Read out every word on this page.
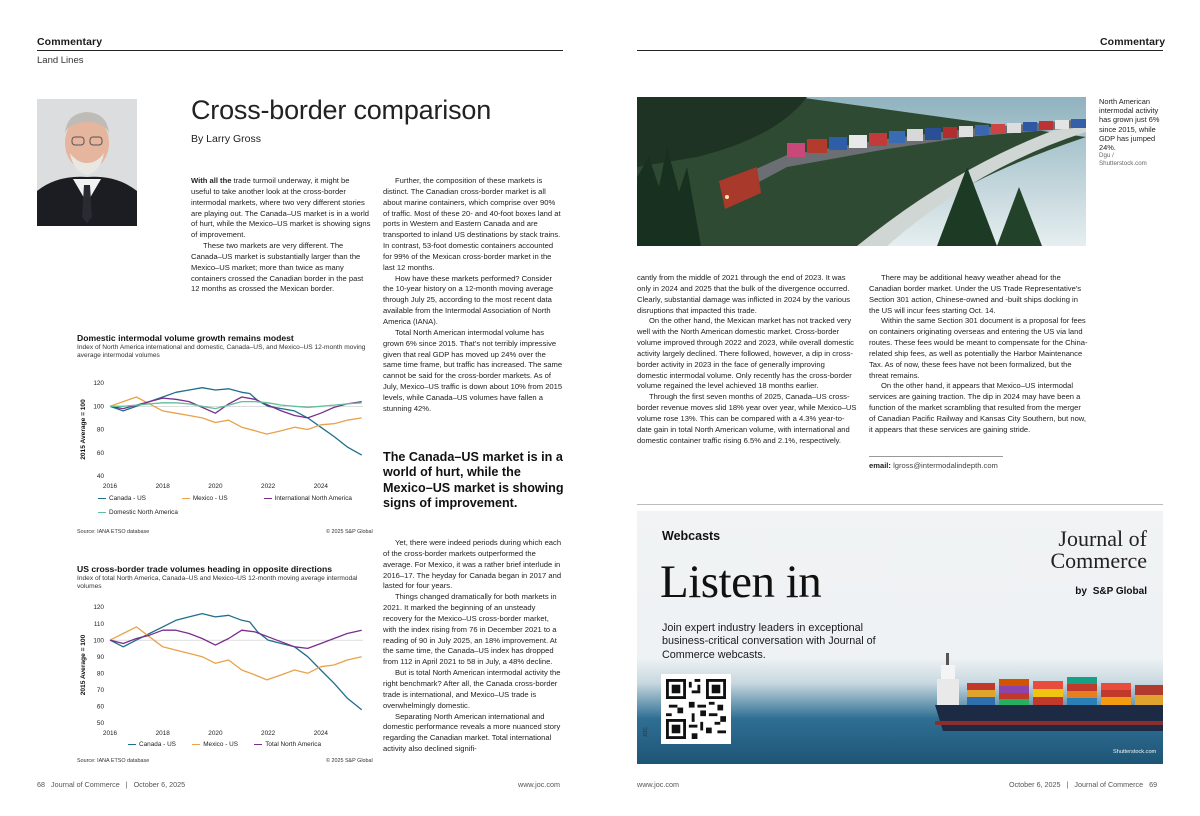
Commentary
Land Lines
Cross-border comparison
By Larry Gross

With all the trade turmoil underway, it might be useful to take another look at the cross-border intermodal markets, where two very different stories are playing out. The Canada–US market is in a world of hurt, while the Mexico–US market is showing signs of improvement.

These two markets are very different. The Canada–US market is substantially larger than the Mexico–US market; more than twice as many containers crossed the Canadian border in the past 12 months as crossed the Mexican border.

Further, the composition of these markets is distinct. The Canadian cross-border market is all about marine containers, which comprise over 90% of traffic. Most of these 20- and 40-foot boxes land at ports in Western and Eastern Canada and are transported to inland US destinations by stack trains. In contrast, 53-foot domestic containers accounted for 99% of the Mexican cross-border market in the last 12 months.

How have these markets performed? Consider the 10-year history on a 12-month moving average through July 25, according to the most recent data available from the Intermodal Association of North America (IANA).

Total North American intermodal volume has grown 6% since 2015. That's not terribly impressive given that real GDP has moved up 24% over the same time frame, but traffic has increased. The same cannot be said for the cross-border markets. As of July, Mexico–US traffic is down about 10% from 2015 levels, while Canada–US volumes have fallen a stunning 42%.

The Canada–US market is in a world of hurt, while the Mexico–US market is showing signs of improvement.

Yet, there were indeed periods during which each of the cross-border markets outperformed the average. For Mexico, it was a rather brief interlude in 2016–17. The heyday for Canada began in 2017 and lasted for four years.

Things changed dramatically for both markets in 2021. It marked the beginning of an unsteady recovery for the Mexico–US cross-border market, with the index rising from 76 in December 2021 to a reading of 90 in July 2025, an 18% improvement. At the same time, the Canada–US index has dropped from 112 in April 2021 to 58 in July, a 48% decline.

But is total North American intermodal activity the right benchmark? After all, the Canada cross-border trade is international, and Mexico–US trade is overwhelmingly domestic.

Separating North American international and domestic performance reveals a more nuanced story regarding the Canadian market. Total international activity also declined signifi-

Domestic intermodal volume growth remains modest
Index of North America international and domestic, Canada–US, and Mexico–US 12-month moving average intermodal volumes
2015 Average = 100
40
60
80
100
120
2016	2018	2020	2022	2024
Canada - US	Mexico - US	International North America
Domestic North America
Source: IANA ETSO database	© 2025 S&P Global
US cross-border trade volumes heading in opposite directions
Index of total North America, Canada–US and Mexico–US 12-month moving average intermodal volumes
2015 Average = 100
50
60
70
80
90
100
110
120
2016	2018	2020	2022	2024
Canada - US	Mexico - US	Total North America
Source: IANA ETSO database	© 2025 S&P Global
68 Journal of Commerce | October 6, 2025	www.joc.com
Commentary
North American intermodal activity has grown just 6% since 2015, while GDP has jumped 24%.
Dgu / Shutterstock.com

cantly from the middle of 2021 through the end of 2023. It was only in 2024 and 2025 that the bulk of the divergence occurred. Clearly, substantial damage was inflicted in 2024 by the various disruptions that impacted this trade.

On the other hand, the Mexican market has not tracked very well with the North American domestic market. Cross-border volume improved through 2022 and 2023, while overall domestic activity largely declined. There followed, however, a dip in cross-border activity in 2023 in the face of generally improving domestic intermodal volume. Only recently has the cross-border volume regained the level achieved 18 months earlier.

Through the first seven months of 2025, Canada–US cross-border revenue moves slid 18% year over year, while Mexico–US volume rose 13%. This can be compared with a 4.3% year-to-date gain in total North American volume, with international and domestic container traffic rising 6.5% and 2.1%, respectively.

There may be additional heavy weather ahead for the Canadian border market. Under the US Trade Representative's Section 301 action, Chinese-owned and -built ships docking in the US will incur fees starting Oct. 14.

Within the same Section 301 document is a proposal for fees on containers originating overseas and entering the US via land routes. These fees would be meant to compensate for the China-related ship fees, as well as potentially the Harbor Maintenance Tax. As of now, these fees have not been formalized, but the threat remains.

On the other hand, it appears that Mexico–US intermodal services are gaining traction. The dip in 2024 may have been a function of the market scrambling that resulted from the merger of Canadian Pacific Railway and Kansas City Southern, but now, it appears that these services are gaining stride.

email: lgross@intermodalindepth.com
Webcasts
Listen in
Join expert industry leaders in exceptional business-critical conversation with Journal of Commerce webcasts.
Journal of
Commerce
by S&P Global
JOC
Shutterstock.com
www.joc.com	October 6, 2025 | Journal of Commerce 69
